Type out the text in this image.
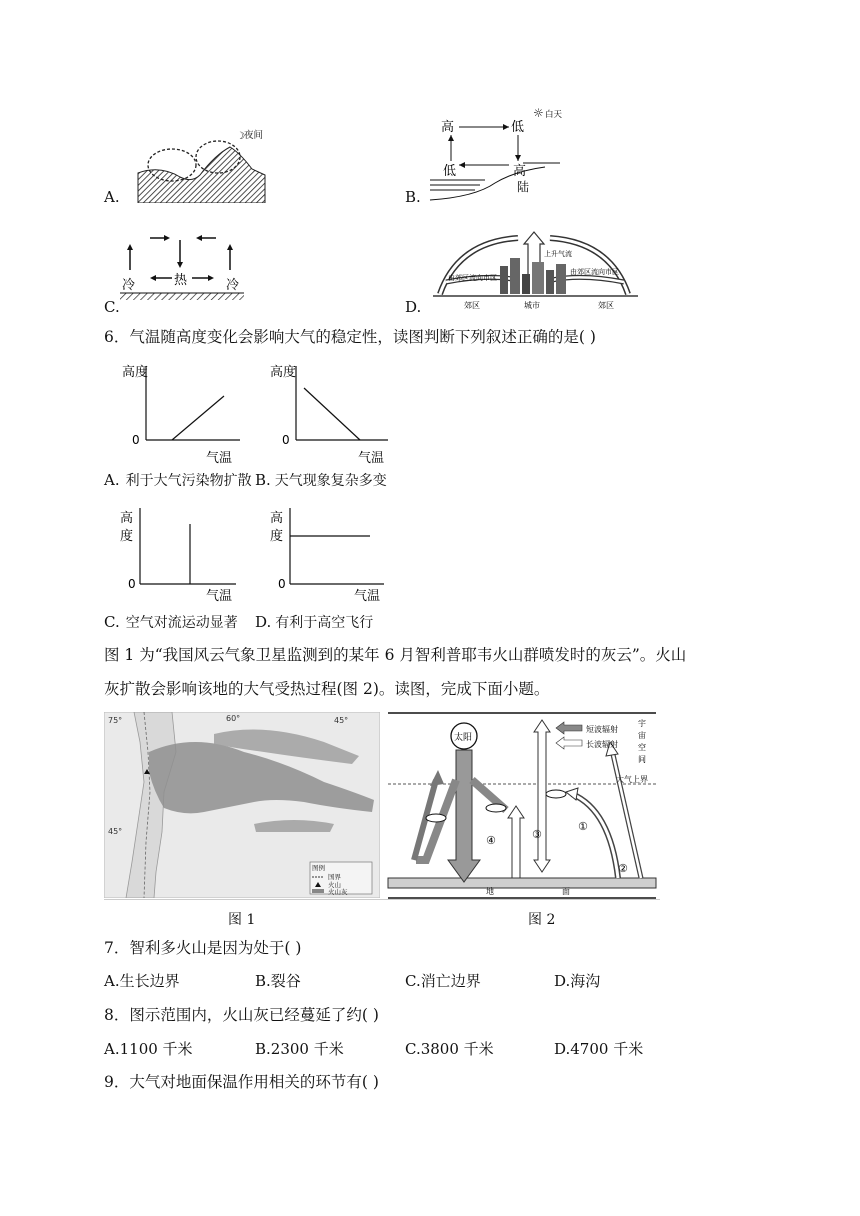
A.
☽ 夜间
B.
高	低
低	高
陆
☼ 白天
C.
冷	热	冷
D.
由郊区流向市区
由郊区流向市区
上升气流
郊区	城市	郊区
6．气温随高度变化会影响大气的稳定性，读图判断下列叙述正确的是( )
高度
气温
0
A. 利于大气污染物扩散
高度
气温
0
B. 天气现象复杂多变
高
度
气温
0
C. 空气对流运动显著
高
度
气温
0
D. 有利于高空飞行
图 1 为“我国风云气象卫星监测到的某年 6 月智利普耶韦火山群喷发时的灰云”。火山
灰扩散会影响该地的大气受热过程(图 2)。读图，完成下面小题。
75°	60°	45°
45°
图例
国界
火山
火山灰
太阳
③
④
①
②
短波辐射
长波辐射
宇
宙
空
间
大气上界
地	面
图 1	图 2
7．智利多火山是因为处于( )
A.生长边界	B.裂谷	C.消亡边界	D.海沟
8．图示范围内，火山灰已经蔓延了约( )
A.1100 千米	B.2300 千米	C.3800 千米	D.4700 千米
9．大气对地面保温作用相关的环节有( )
